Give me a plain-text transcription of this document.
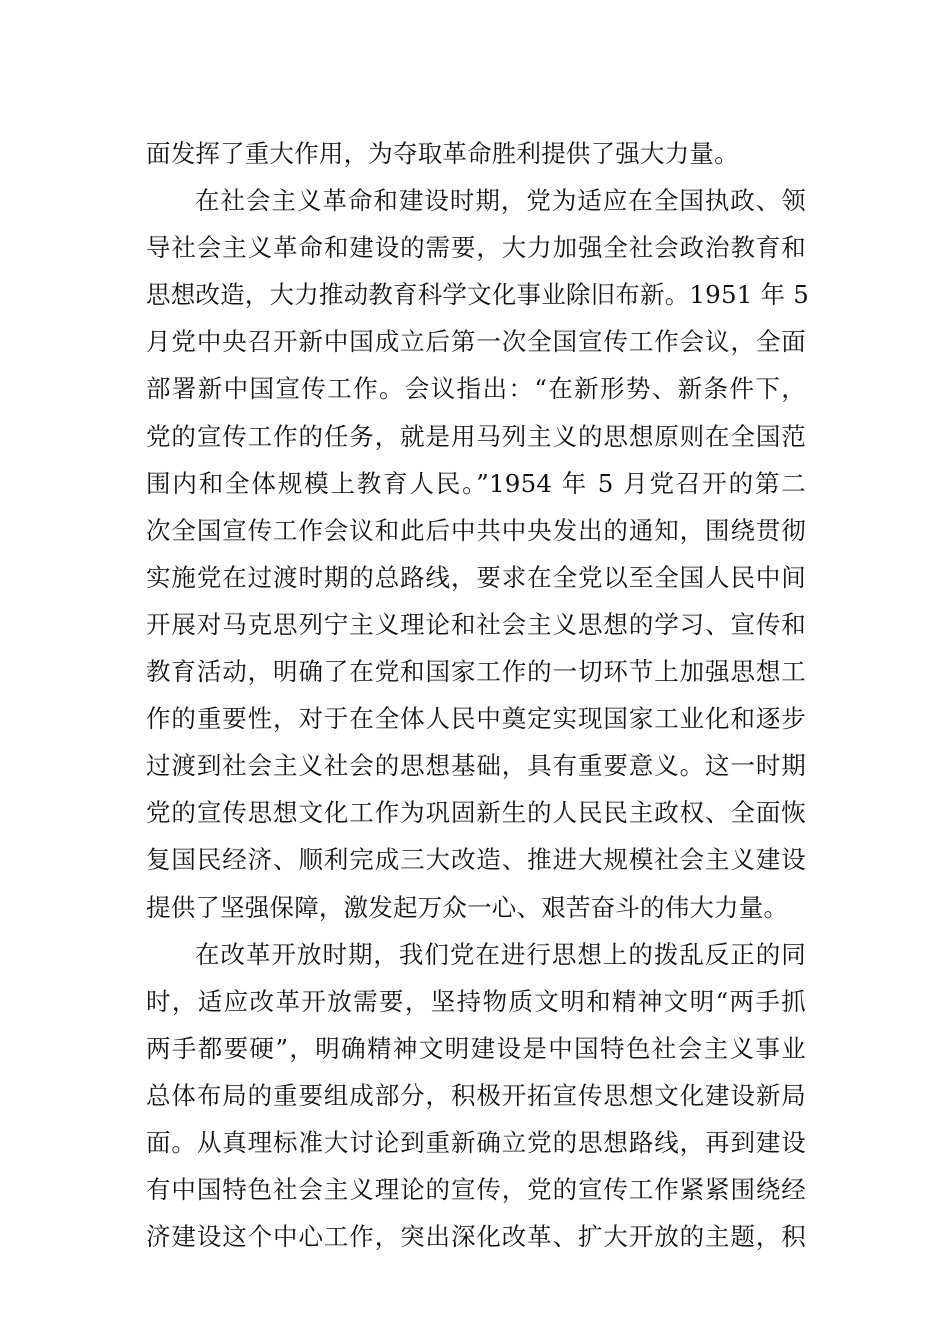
面发挥了重大作用，为夺取革命胜利提供了强大力量。
在社会主义革命和建设时期，党为适应在全国执政、领
导社会主义革命和建设的需要，大力加强全社会政治教育和
思想改造，大力推动教育科学文化事业除旧布新。1951 年 5
月党中央召开新中国成立后第一次全国宣传工作会议，全面
部署新中国宣传工作。会议指出：“在新形势、新条件下，
党的宣传工作的任务，就是用马列主义的思想原则在全国范
围内和全体规模上教育人民。”1954 年 5 月党召开的第二
次全国宣传工作会议和此后中共中央发出的通知，围绕贯彻
实施党在过渡时期的总路线，要求在全党以至全国人民中间
开展对马克思列宁主义理论和社会主义思想的学习、宣传和
教育活动，明确了在党和国家工作的一切环节上加强思想工
作的重要性，对于在全体人民中奠定实现国家工业化和逐步
过渡到社会主义社会的思想基础，具有重要意义。这一时期
党的宣传思想文化工作为巩固新生的人民民主政权、全面恢
复国民经济、顺利完成三大改造、推进大规模社会主义建设
提供了坚强保障，激发起万众一心、艰苦奋斗的伟大力量。
在改革开放时期，我们党在进行思想上的拨乱反正的同
时，适应改革开放需要，坚持物质文明和精神文明“两手抓
两手都要硬”，明确精神文明建设是中国特色社会主义事业
总体布局的重要组成部分，积极开拓宣传思想文化建设新局
面。从真理标准大讨论到重新确立党的思想路线，再到建设
有中国特色社会主义理论的宣传，党的宣传工作紧紧围绕经
济建设这个中心工作，突出深化改革、扩大开放的主题，积
